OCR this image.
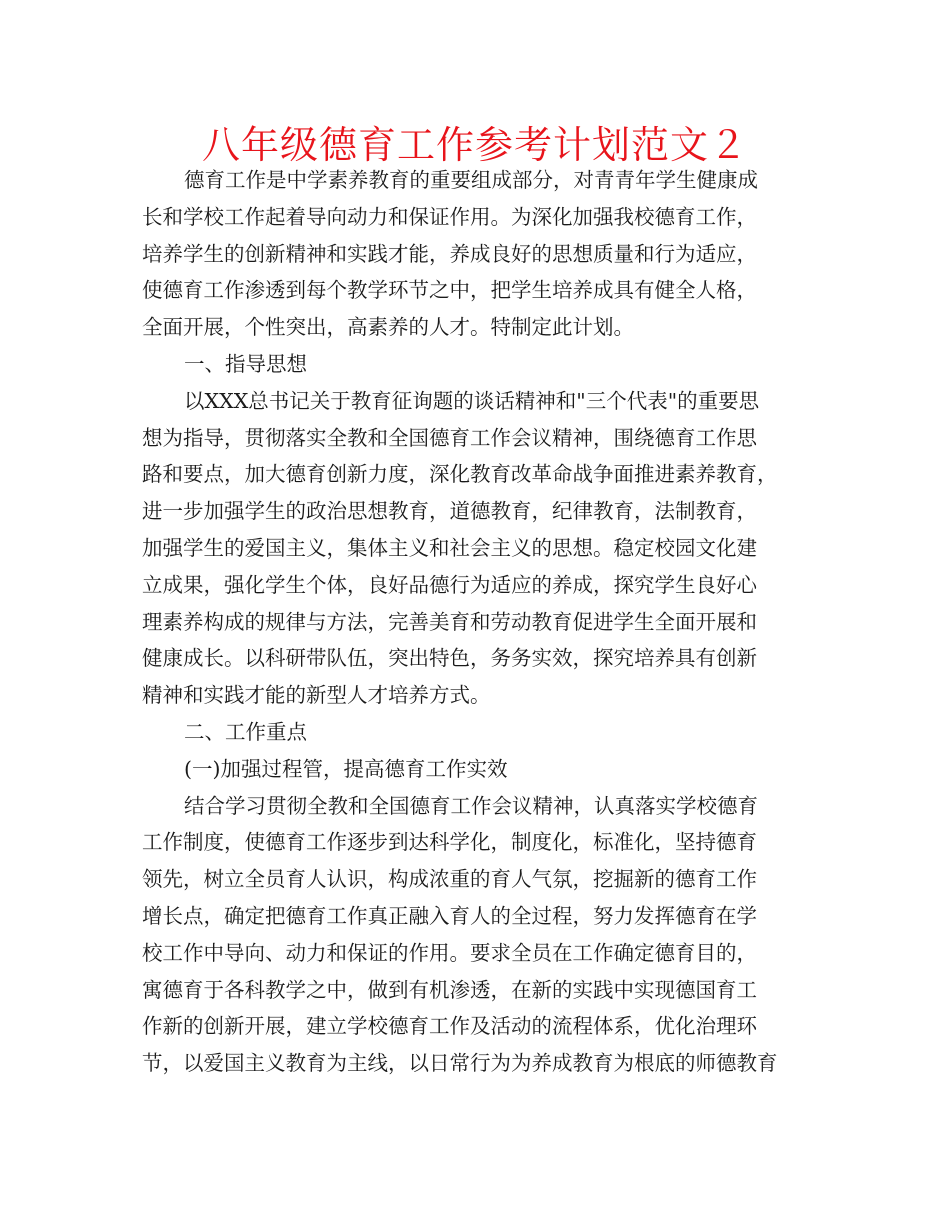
八年级德育工作参考计划范文２

德育工作是中学素养教育的重要组成部分，对青青年学生健康成

长和学校工作起着导向动力和保证作用。为深化加强我校德育工作，

培养学生的创新精神和实践才能，养成良好的思想质量和行为适应，

使德育工作渗透到每个教学环节之中，把学生培养成具有健全人格，

全面开展，个性突出，高素养的人才。特制定此计划。

一、指导思想

以XXX总书记关于教育征询题的谈话精神和"三个代表"的重要思

想为指导，贯彻落实全教和全国德育工作会议精神，围绕德育工作思

路和要点，加大德育创新力度，深化教育改革命战争面推进素养教育，

进一步加强学生的政治思想教育，道德教育，纪律教育，法制教育，

加强学生的爱国主义，集体主义和社会主义的思想。稳定校园文化建

立成果，强化学生个体，良好品德行为适应的养成，探究学生良好心

理素养构成的规律与方法，完善美育和劳动教育促进学生全面开展和

健康成长。以科研带队伍，突出特色，务务实效，探究培养具有创新

精神和实践才能的新型人才培养方式。

二、工作重点

(一)加强过程管，提高德育工作实效

结合学习贯彻全教和全国德育工作会议精神，认真落实学校德育

工作制度，使德育工作逐步到达科学化，制度化，标准化，坚持德育

领先，树立全员育人认识，构成浓重的育人气氛，挖掘新的德育工作

增长点，确定把德育工作真正融入育人的全过程，努力发挥德育在学

校工作中导向、动力和保证的作用。要求全员在工作确定德育目的，

寓德育于各科教学之中，做到有机渗透，在新的实践中实现德国育工

作新的创新开展，建立学校德育工作及活动的流程体系，优化治理环

节，以爱国主义教育为主线，以日常行为为养成教育为根底的师德教育
